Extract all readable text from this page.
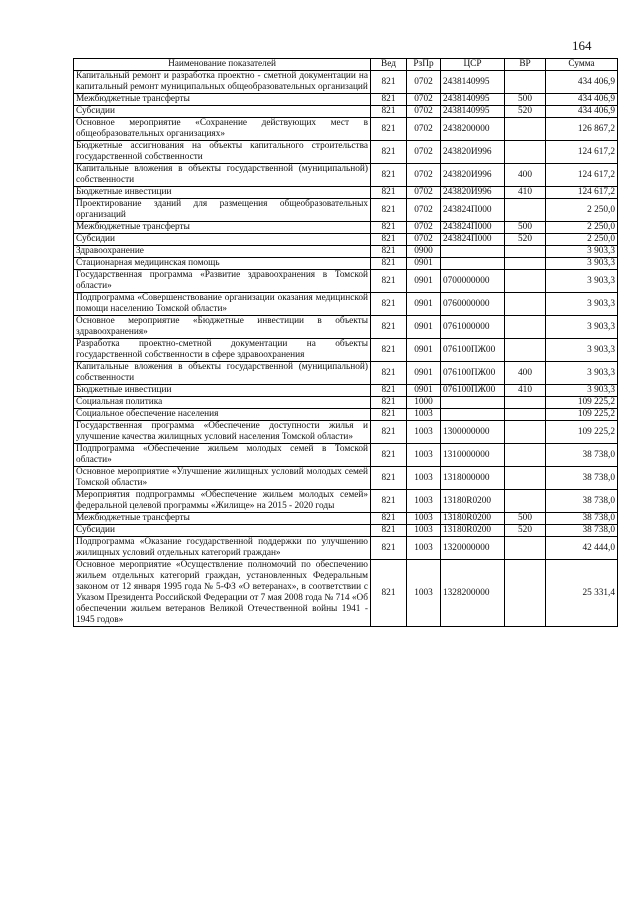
164
Наименование показателей	Вед	РзПр	ЦСР	ВР	Сумма
Капитальный ремонт и разработка проектно - сметной документации на капитальный ремонт муниципальных общеобразовательных организаций	821	0702	2438140995		434 406,9
Межбюджетные трансферты	821	0702	2438140995	500	434 406,9
Субсидии	821	0702	2438140995	520	434 406,9
Основное мероприятие «Сохранение действующих мест в общеобразовательных организациях»	821	0702	2438200000		126 867,2
Бюджетные ассигнования на объекты капитального строительства государственной собственности	821	0702	243820И996		124 617,2
Капитальные вложения в объекты государственной (муниципальной) собственности	821	0702	243820И996	400	124 617,2
Бюджетные инвестиции	821	0702	243820И996	410	124 617,2
Проектирование зданий для размещения общеобразовательных организаций	821	0702	243824П000		2 250,0
Межбюджетные трансферты	821	0702	243824П000	500	2 250,0
Субсидии	821	0702	243824П000	520	2 250,0
Здравоохранение	821	0900			3 903,3
Стационарная медицинская помощь	821	0901			3 903,3
Государственная программа «Развитие здравоохранения в Томской области»	821	0901	0700000000		3 903,3
Подпрограмма «Совершенствование организации оказания медицинской помощи населению Томской области»	821	0901	0760000000		3 903,3
Основное мероприятие «Бюджетные инвестиции в объекты здравоохранения»	821	0901	0761000000		3 903,3
Разработка проектно-сметной документации на объекты государственной собственности в сфере здравоохранения	821	0901	076100ПЖ00		3 903,3
Капитальные вложения в объекты государственной (муниципальной) собственности	821	0901	076100ПЖ00	400	3 903,3
Бюджетные инвестиции	821	0901	076100ПЖ00	410	3 903,3
Социальная политика	821	1000			109 225,2
Социальное обеспечение населения	821	1003			109 225,2
Государственная программа «Обеспечение доступности жилья и улучшение качества жилищных условий населения Томской области»	821	1003	1300000000		109 225,2
Подпрограмма «Обеспечение жильем молодых семей в Томской области»	821	1003	1310000000		38 738,0
Основное мероприятие «Улучшение жилищных условий молодых семей Томской области»	821	1003	1318000000		38 738,0
Мероприятия подпрограммы «Обеспечение жильем молодых семей» федеральной целевой программы «Жилище» на 2015 - 2020 годы	821	1003	13180R0200		38 738,0
Межбюджетные трансферты	821	1003	13180R0200	500	38 738,0
Субсидии	821	1003	13180R0200	520	38 738,0
Подпрограмма «Оказание государственной поддержки по улучшению жилищных условий отдельных категорий граждан»	821	1003	1320000000		42 444,0
Основное мероприятие «Осуществление полномочий по обеспечению жильем отдельных категорий граждан, установленных Федеральным законом от 12 января 1995 года № 5-ФЗ «О ветеранах», в соответствии с Указом Президента Российской Федерации от 7 мая 2008 года № 714 «Об обеспечении жильем ветеранов Великой Отечественной войны 1941 - 1945 годов»	821	1003	1328200000		25 331,4
